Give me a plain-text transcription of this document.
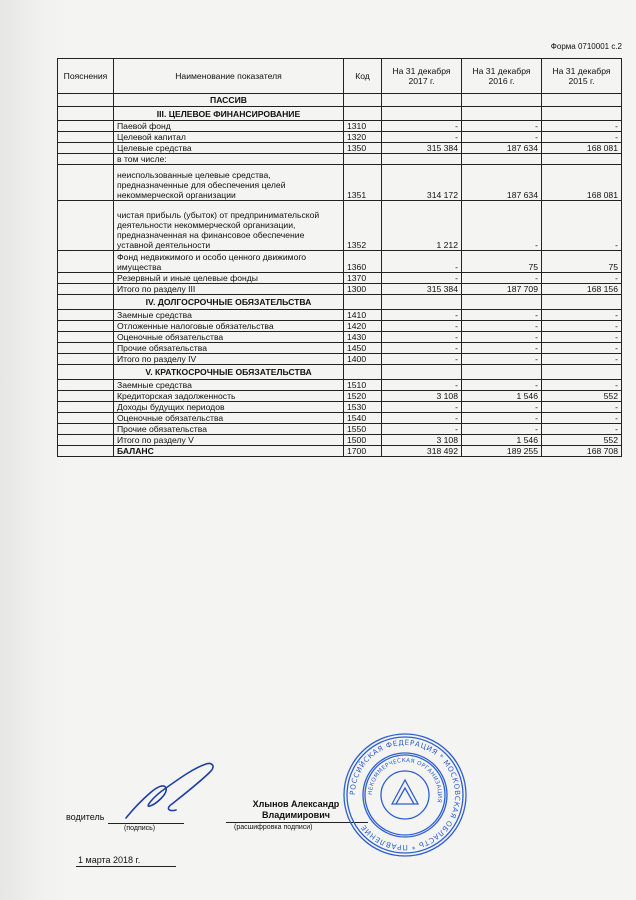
Форма 0710001 с.2
Пояснения	Наименование показателя	Код	На 31 декабря 2017 г.	На 31 декабря 2016 г.	На 31 декабря 2015 г.
	ПАССИВ				
	III. ЦЕЛЕВОЕ ФИНАНСИРОВАНИЕ				
	Паевой фонд	1310	-	-	-
	Целевой капитал	1320	-	-	-
	Целевые средства	1350	315 384	187 634	168 081
	в том числе:				
	неиспользованные целевые средства, предназначенные для обеспечения целей некоммерческой организации	1351	314 172	187 634	168 081
	чистая прибыль (убыток) от предпринимательской деятельности некоммерческой организации, предназначенная на финансовое обеспечение уставной деятельности	1352	1 212	-	-
	Фонд недвижимого и особо ценного движимого имущества	1360	-	75	75
	Резервный и иные целевые фонды	1370	-	-	-
	Итого по разделу III	1300	315 384	187 709	168 156
	IV. ДОЛГОСРОЧНЫЕ ОБЯЗАТЕЛЬСТВА				
	Заемные средства	1410	-	-	-
	Отложенные налоговые обязательства	1420	-	-	-
	Оценочные обязательства	1430	-	-	-
	Прочие обязательства	1450	-	-	-
	Итого по разделу IV	1400	-	-	-
	V. КРАТКОСРОЧНЫЕ ОБЯЗАТЕЛЬСТВА				
	Заемные средства	1510	-	-	-
	Кредиторская задолженность	1520	3 108	1 546	552
	Доходы будущих периодов	1530	-	-	-
	Оценочные обязательства	1540	-	-	-
	Прочие обязательства	1550	-	-	-
	Итого по разделу V	1500	3 108	1 546	552
	БАЛАНС	1700	318 492	189 255	168 708
водитель
(подпись)
Хлынов Александр Владимирович
(расшифровка подписи)
1 марта 2018 г.
РОССИЙСКАЯ ФЕДЕРАЦИЯ * МОСКОВСКАЯ ОБЛАСТЬ * ПРАВЛЕНИЕ
НЕКОММЕРЧЕСКАЯ ОРГАНИЗАЦИЯ
